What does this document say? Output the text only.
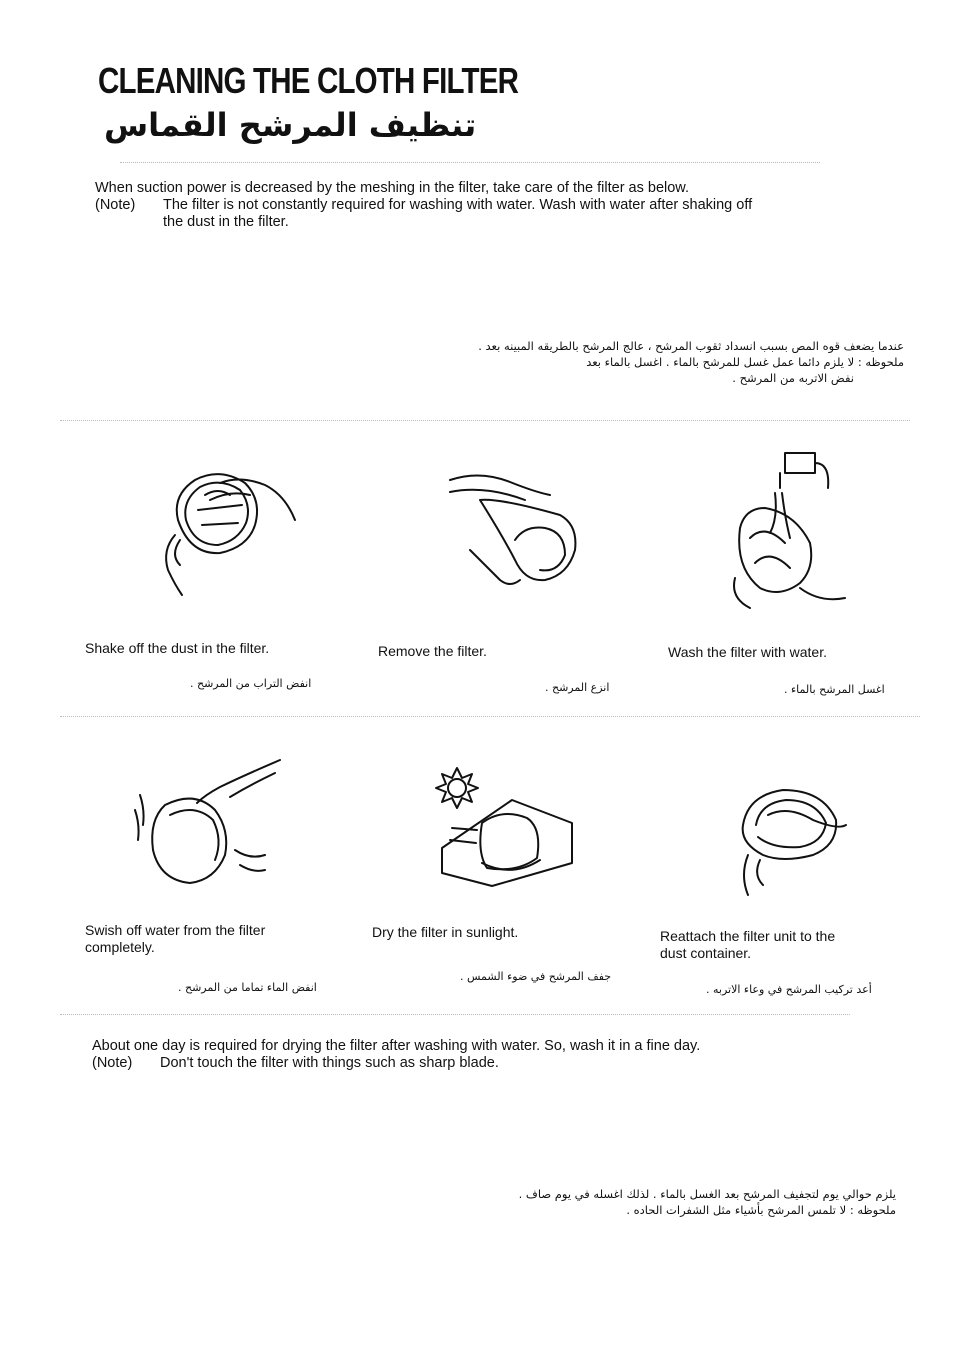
CLEANING THE CLOTH FILTER
تنظيف المرشح القماس
When suction power is decreased by the meshing in the filter, take care of the filter as below.
(Note)	The filter is not constantly required for washing with water. Wash with water after shaking off
the dust in the filter.
عندما يضعف قوه المص بسبب انسداد ثقوب المرشح ، عالج المرشح بالطريقه المبينه بعد .
ملحوظه : لا يلزم دائما عمل غسل للمرشح بالماء . اغسل بالماء بعد
نفض الاتربه من المرشح .
Shake off the dust in the filter.
انفض التراب من المرشح .
Remove the filter.
انزع المرشح .
Wash the filter with water.
اغسل المرشح بالماء .
Swish off water from the filter
completely.
انفض الماء تماما من المرشح .
Dry the filter in sunlight.
جفف المرشح في ضوء الشمس .
Reattach the filter unit to the
dust container.
أعد تركيب المرشح في وعاء الاتربه .
About one day is required for drying the filter after washing with water. So, wash it in a fine day.
(Note)	Don't touch the filter with things such as sharp blade.
يلزم حوالي يوم لتجفيف المرشح بعد الغسل بالماء . لذلك اغسله في يوم صاف .
ملحوظه : لا تلمس المرشح بأشياء مثل الشفرات الحاده .
